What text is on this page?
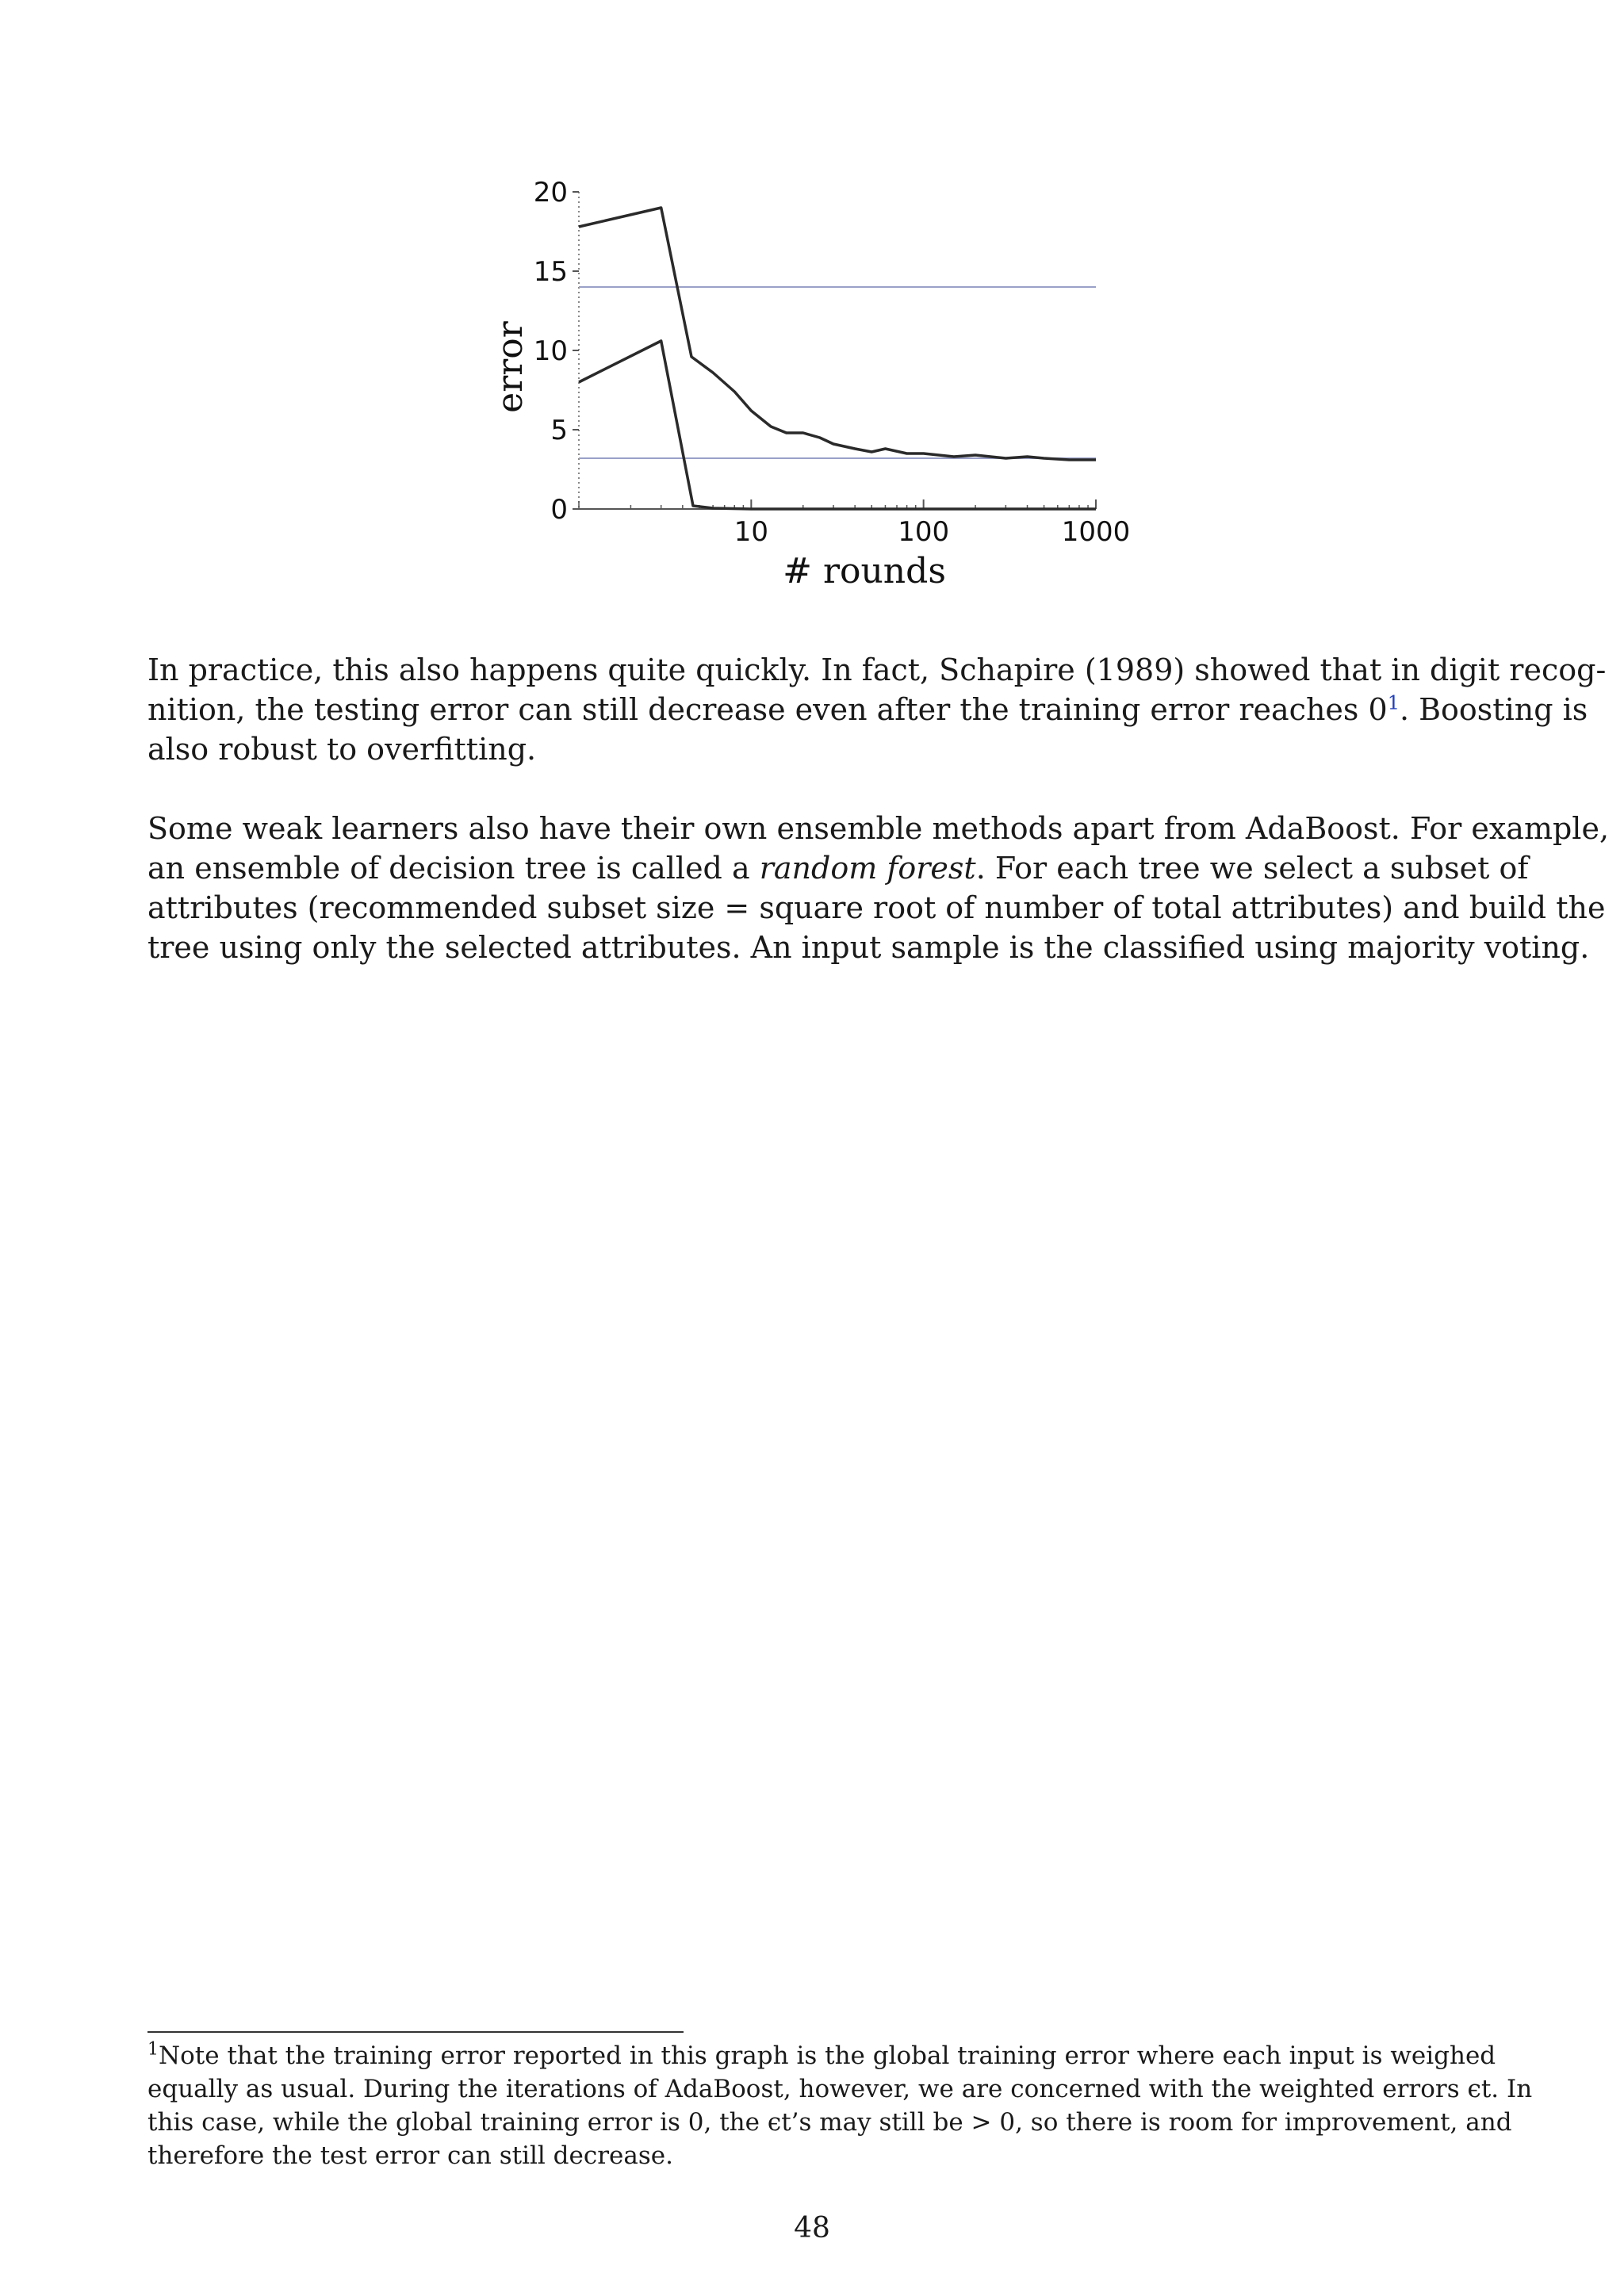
0
5
10
15
20
10	100	1000
# rounds
error
In practice, this also happens quite quickly. In fact, Schapire (1989) showed that in digit recog-
nition, the testing error can still decrease even after the training error reaches 0$^1$. Boosting is
also robust to overfitting.
Some weak learners also have their own ensemble methods apart from AdaBoost. For example,
an ensemble of decision tree is called a random forest. For each tree we select a subset of
attributes (recommended subset size = square root of number of total attributes) and build the
tree using only the selected attributes. An input sample is the classified using majority voting.
$^1$Note that the training error reported in this graph is the global training error where each input is weighed
equally as usual. During the iterations of AdaBoost, however, we are concerned with the weighted errors ϵt. In
this case, while the global training error is 0, the ϵt’s may still be > 0, so there is room for improvement, and
therefore the test error can still decrease.
48
